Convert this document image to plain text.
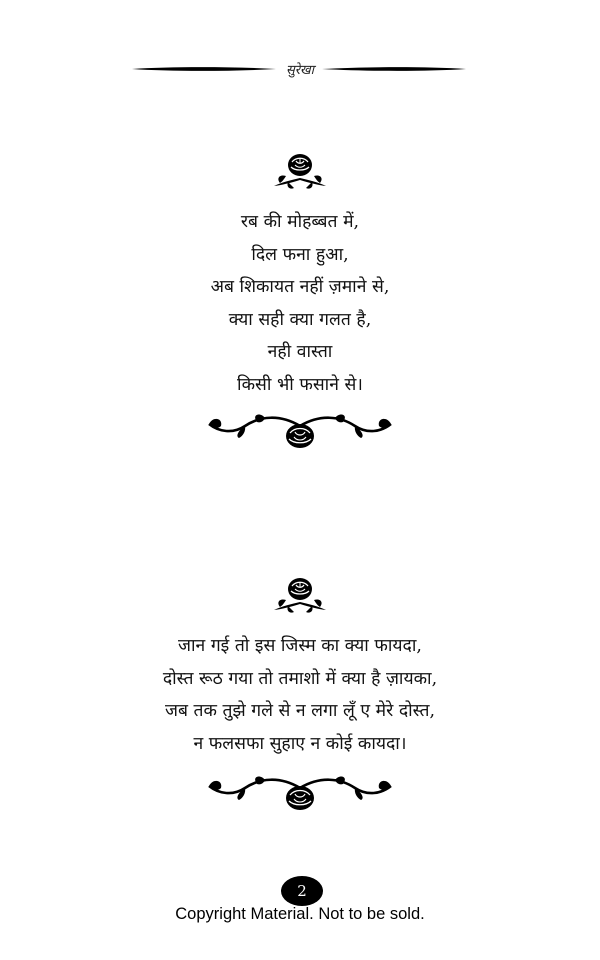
सुरेखा
रब की मोहब्बत में,
दिल फना हुआ,
अब शिकायत नहीं ज़माने से,
क्या सही क्या गलत है,
नही वास्ता
किसी भी फसाने से।
जान गई तो इस जिस्म का क्या फायदा,
दोस्त रूठ गया तो तमाशो में क्या है ज़ायका,
जब तक तुझे गले से न लगा लूँ ए मेरे दोस्त,
न फलसफा सुहाए न कोई कायदा।
2
Copyright Material. Not to be sold.
